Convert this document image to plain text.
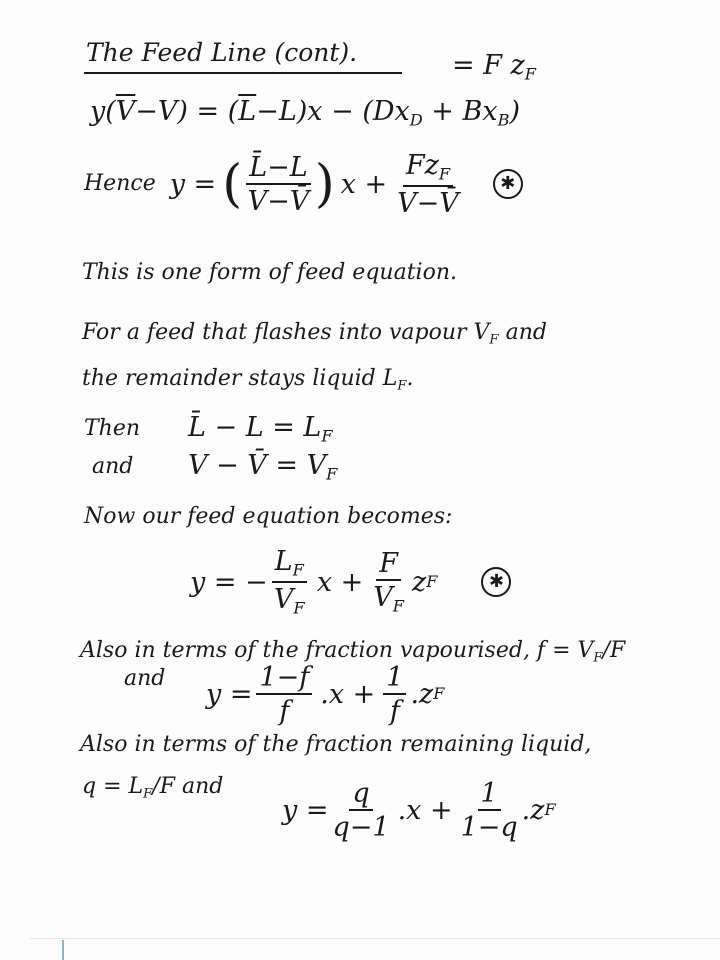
The Feed Line (cont).	= F $z_F$
$y(\overline{V}-V) = (\overline{L}-L)x - (Dx_D + Bx_B)$
Hence y = ( $\frac{L̄-L}{V-V̄}$ ) $x + \frac{Fz_F}{V-V̄}$	✱
This is one form of feed equation.
For a feed that flashes into vapour $V_F$ and
the remainder stays liquid $L_F$.
Then L̄ − $L = L_F$
and V − V̄ = $V_F$
Now our feed equation becomes:
y = − $\frac{L_F}{V_F}$ $x + \frac{F}{V_F}$ z F	✱
Also in terms of the fraction vapourised, $f = V_F/F$
and
$y = \frac{1-f}{f} .x + \frac{1}{f} .z$ F
Also in terms of the fraction remaining liquid,
$q = L_F/F$ and
$y = \frac{q}{q-1} .x + \frac{1}{1-q} .z$ F
